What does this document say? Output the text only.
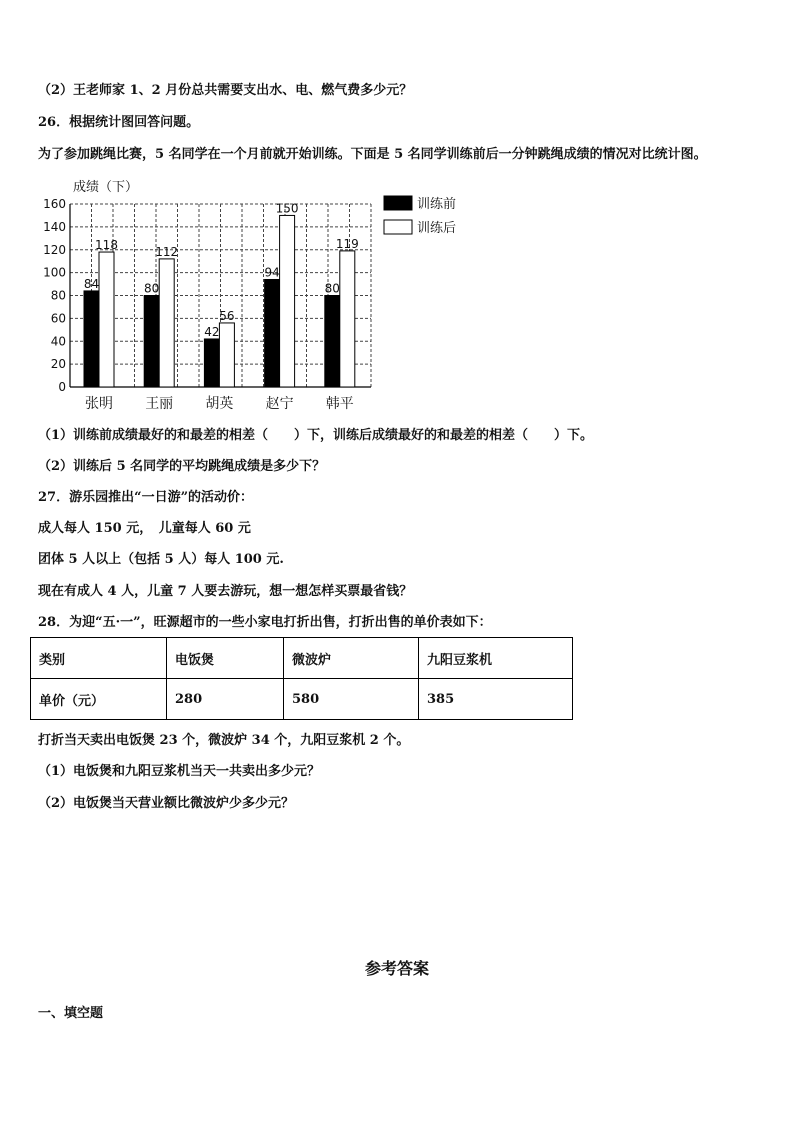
（2）王老师家 1、2 月份总共需要支出水、电、燃气费多少元？
26．根据统计图回答问题。
为了参加跳绳比赛，5 名同学在一个月前就开始训练。下面是 5 名同学训练前后一分钟跳绳成绩的情况对比统计图。
0
20
40
60
80
100
120
140
160
成绩（下）
84
118
张明
80
112
王丽
42
56
胡英
94
150
赵宁
80
119
韩平
训练前
训练后
（1）训练前成绩最好的和最差的相差（　　）下，训练后成绩最好的和最差的相差（　　）下。
（2）训练后 5 名同学的平均跳绳成绩是多少下？
27．游乐园推出“一日游”的活动价：
成人每人 150 元，　儿童每人 60 元
团体 5 人以上（包括 5 人）每人 100 元.
现在有成人 4 人，儿童 7 人要去游玩，想一想怎样买票最省钱？
28．为迎“五·一”，旺源超市的一些小家电打折出售，打折出售的单价表如下：
类别	电饭煲	微波炉	九阳豆浆机
单价（元）	280	580	385
打折当天卖出电饭煲 23 个，微波炉 34 个，九阳豆浆机 2 个。
（1）电饭煲和九阳豆浆机当天一共卖出多少元？
（2）电饭煲当天营业额比微波炉少多少元？
参考答案
一、填空题
